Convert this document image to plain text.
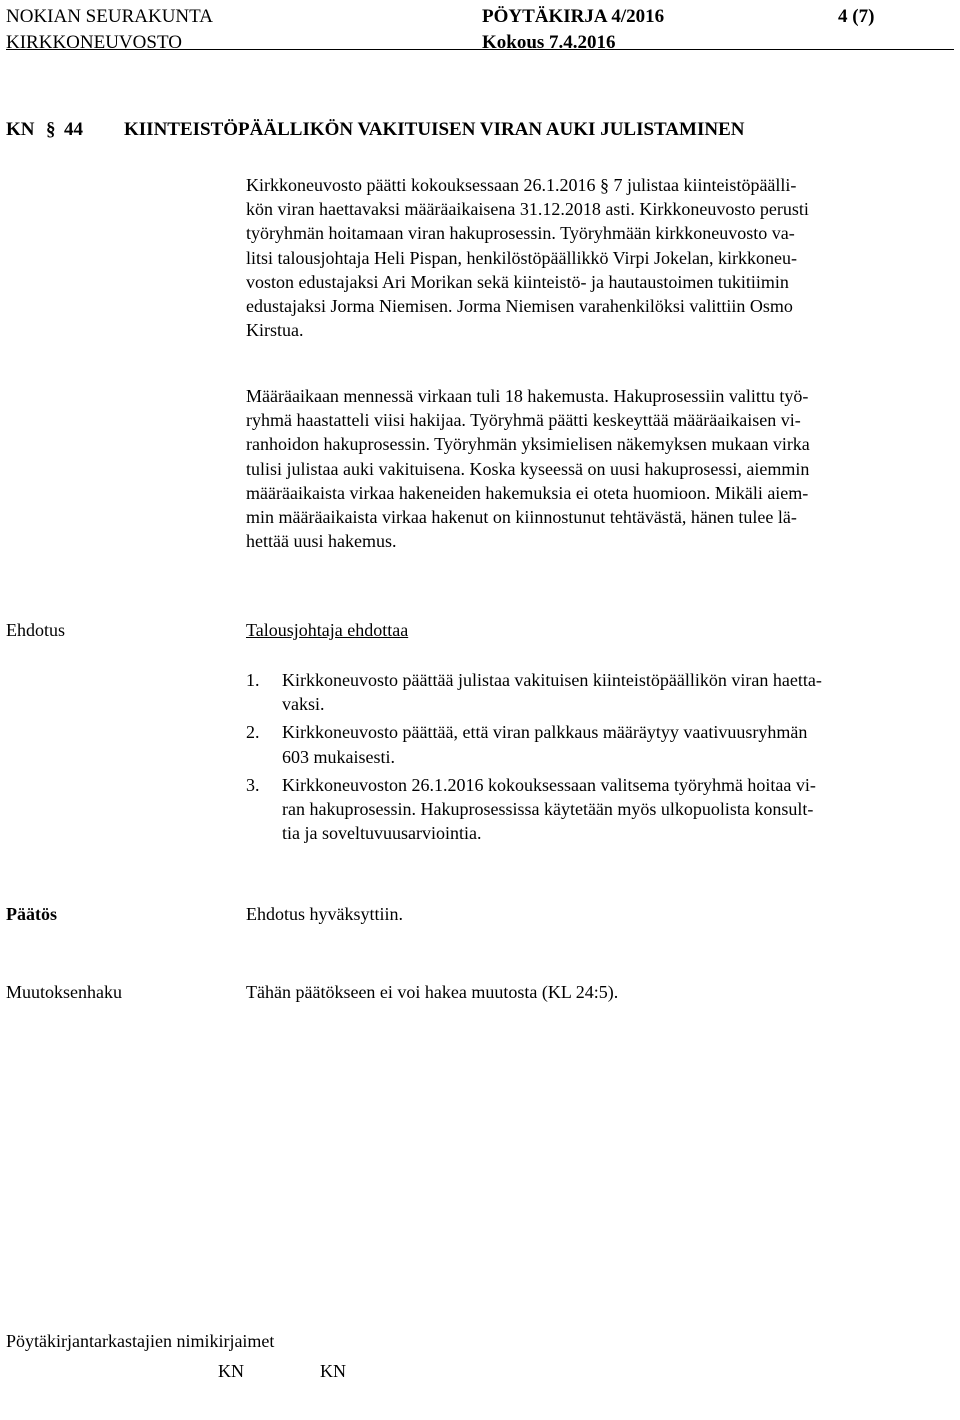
NOKIAN SEURAKUNTA	PÖYTÄKIRJA 4/2016	4 (7)
KIRKKONEUVOSTO	Kokous 7.4.2016
KN § 44 KIINTEISTÖPÄÄLLIKÖN VAKITUISEN VIRAN AUKI JULISTAMINEN

Kirkkoneuvosto päätti kokouksessaan 26.1.2016 § 7 julistaa kiinteistöpäälli-

kön viran haettavaksi määräaikaisena 31.12.2018 asti. Kirkkoneuvosto perusti

työryhmän hoitamaan viran hakuprosessin. Työryhmään kirkkoneuvosto va-

litsi talousjohtaja Heli Pispan, henkilöstöpäällikkö Virpi Jokelan, kirkkoneu-

voston edustajaksi Ari Morikan sekä kiinteistö- ja hautaustoimen tukitiimin

edustajaksi Jorma Niemisen. Jorma Niemisen varahenkilöksi valittiin Osmo

Kirstua.

Määräaikaan mennessä virkaan tuli 18 hakemusta. Hakuprosessiin valittu työ-

ryhmä haastatteli viisi hakijaa. Työryhmä päätti keskeyttää määräaikaisen vi-

ranhoidon hakuprosessin. Työryhmän yksimielisen näkemyksen mukaan virka

tulisi julistaa auki vakituisena. Koska kyseessä on uusi hakuprosessi, aiemmin

määräaikaista virkaa hakeneiden hakemuksia ei oteta huomioon. Mikäli aiem-

min määräaikaista virkaa hakenut on kiinnostunut tehtävästä, hänen tulee lä-

hettää uusi hakemus.

Ehdotus	Talousjohtaja ehdottaa
1. Kirkkoneuvosto päättää julistaa vakituisen kiinteistöpäällikön viran haetta-
vaksi.
2. Kirkkoneuvosto päättää, että viran palkkaus määräytyy vaativuusryhmän
603 mukaisesti.
3. Kirkkoneuvoston 26.1.2016 kokouksessaan valitsema työryhmä hoitaa vi-
ran hakuprosessin. Hakuprosessissa käytetään myös ulkopuolista konsult-
tia ja soveltuvuusarviointia.
Päätös	Ehdotus hyväksyttiin.
Muutoksenhaku	Tähän päätökseen ei voi hakea muutosta (KL 24:5).
Pöytäkirjantarkastajien nimikirjaimet
KN	KN
